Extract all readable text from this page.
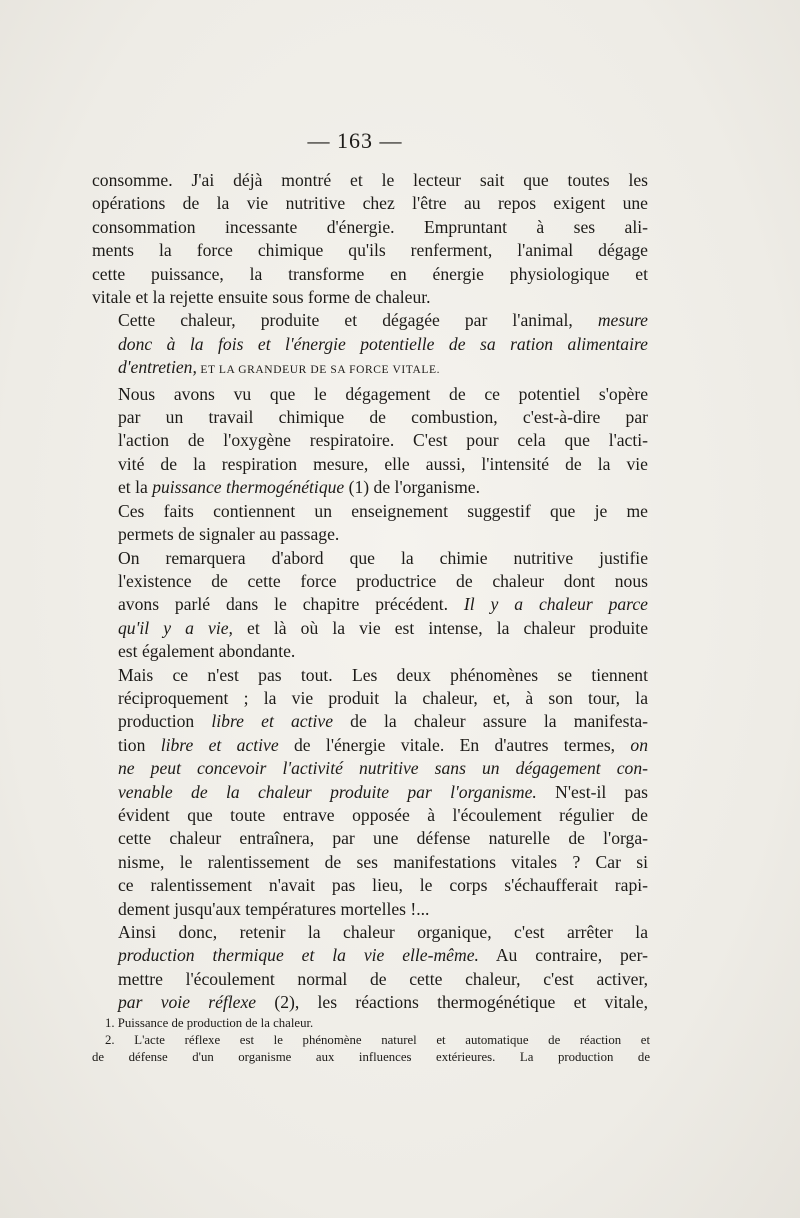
— 163 —

consomme. J'ai déjà montré et le lecteur sait que toutes les
opérations de la vie nutritive chez l'être au repos exigent une
consommation incessante d'énergie. Empruntant à ses ali-
ments la force chimique qu'ils renferment, l'animal dégage
cette puissance, la transforme en énergie physiologique et
vitale et la rejette ensuite sous forme de chaleur.

Cette chaleur, produite et dégagée par l'animal, mesure
donc à la fois et l'énergie potentielle de sa ration alimentaire
d'entretien, ET LA GRANDEUR DE SA FORCE VITALE.

Nous avons vu que le dégagement de ce potentiel s'opère
par un travail chimique de combustion, c'est-à-dire par
l'action de l'oxygène respiratoire. C'est pour cela que l'acti-
vité de la respiration mesure, elle aussi, l'intensité de la vie
et la puissance thermogénétique (1) de l'organisme.

Ces faits contiennent un enseignement suggestif que je me
permets de signaler au passage.

On remarquera d'abord que la chimie nutritive justifie
l'existence de cette force productrice de chaleur dont nous
avons parlé dans le chapitre précédent. Il y a chaleur parce
qu'il y a vie, et là où la vie est intense, la chaleur produite
est également abondante.

Mais ce n'est pas tout. Les deux phénomènes se tiennent
réciproquement ; la vie produit la chaleur, et, à son tour, la
production libre et active de la chaleur assure la manifesta-
tion libre et active de l'énergie vitale. En d'autres termes, on
ne peut concevoir l'activité nutritive sans un dégagement con-
venable de la chaleur produite par l'organisme. N'est-il pas
évident que toute entrave opposée à l'écoulement régulier de
cette chaleur entraînera, par une défense naturelle de l'orga-
nisme, le ralentissement de ses manifestations vitales ? Car si
ce ralentissement n'avait pas lieu, le corps s'échaufferait rapi-
dement jusqu'aux températures mortelles !...

Ainsi donc, retenir la chaleur organique, c'est arrêter la
production thermique et la vie elle-même. Au contraire, per-
mettre l'écoulement normal de cette chaleur, c'est activer,
par voie réflexe (2), les réactions thermogénétique et vitale,

1. Puissance de production de la chaleur.

2. L'acte réflexe est le phénomène naturel et automatique de réaction et
de défense d'un organisme aux influences extérieures. La production de
